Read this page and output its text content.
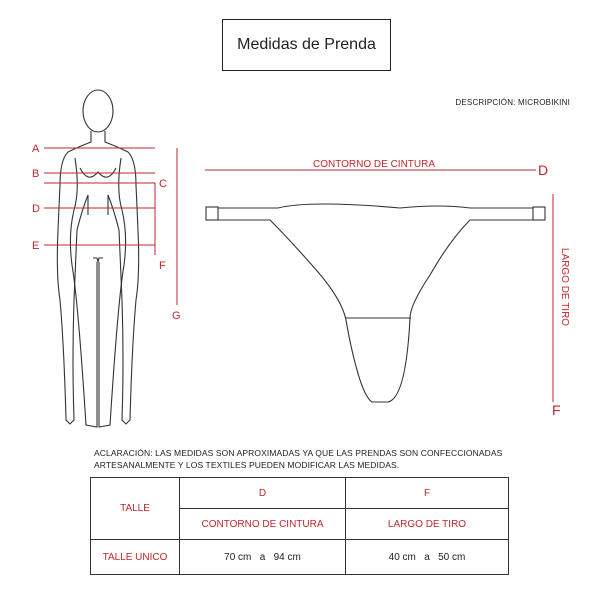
Medidas de Prenda
DESCRIPCIÓN: MICROBIKINI
A
B
C
D
E
F
G
CONTORNO DE CINTURA	D
LARGO DE TIRO
F
ACLARACIÓN: LAS MEDIDAS SON APROXIMADAS YA QUE LAS PRENDAS SON CONFECCIONADAS ARTESANALMENTE Y LOS TEXTILES PUEDEN MODIFICAR LAS MEDIDAS.
TALLE	D	F
	CONTORNO DE CINTURA	LARGO DE TIRO
TALLE UNICO	70 cm   a   94 cm	40 cm   a   50 cm
